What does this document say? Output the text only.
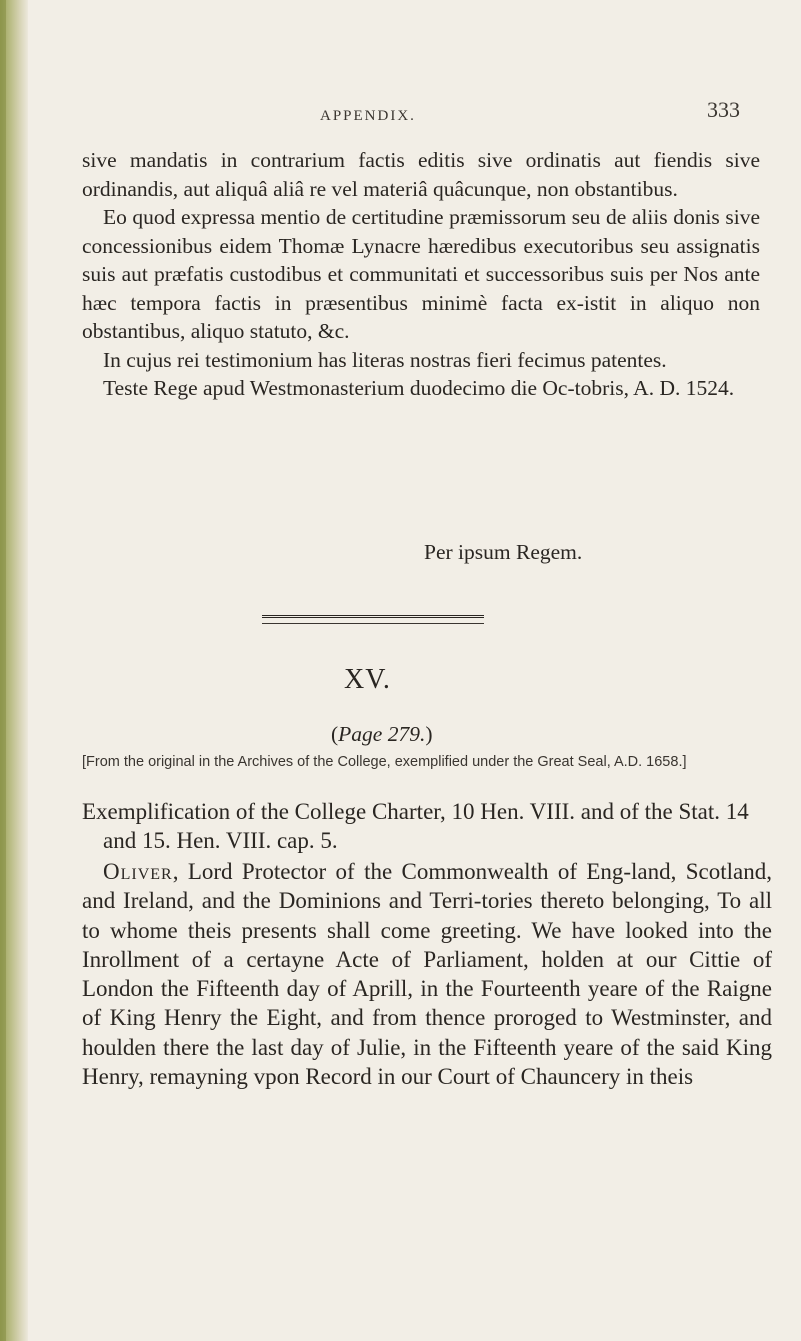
APPENDIX.	333

sive mandatis in contrarium factis editis sive ordinatis aut fiendis sive ordinandis, aut aliquâ aliâ re vel materiâ quâcunque, non obstantibus.

Eo quod expressa mentio de certitudine præmissorum seu de aliis donis sive concessionibus eidem Thomæ Lynacre hæredibus executoribus seu assignatis suis aut præfatis custodibus et communitati et successoribus suis per Nos ante hæc tempora factis in præsentibus minimè facta ex-istit in aliquo non obstantibus, aliquo statuto, &c.

In cujus rei testimonium has literas nostras fieri fecimus patentes.

Teste Rege apud Westmonasterium duodecimo die Oc-tobris, A. D. 1524.

Per ipsum Regem.
XV.
(Page 279.)
[From the original in the Archives of the College, exemplified under the Great Seal, A.D. 1658.]

Exemplification of the College Charter, 10 Hen. VIII. and of the Stat. 14 and 15. Hen. VIII. cap. 5.

Oliver, Lord Protector of the Commonwealth of Eng-land, Scotland, and Ireland, and the Dominions and Terri-tories thereto belonging, To all to whome theis presents shall come greeting. We have looked into the Inrollment of a certayne Acte of Parliament, holden at our Cittie of London the Fifteenth day of Aprill, in the Fourteenth yeare of the Raigne of King Henry the Eight, and from thence proroged to Westminster, and houlden there the last day of Julie, in the Fifteenth yeare of the said King Henry, remayning vpon Record in our Court of Chauncery in theis
